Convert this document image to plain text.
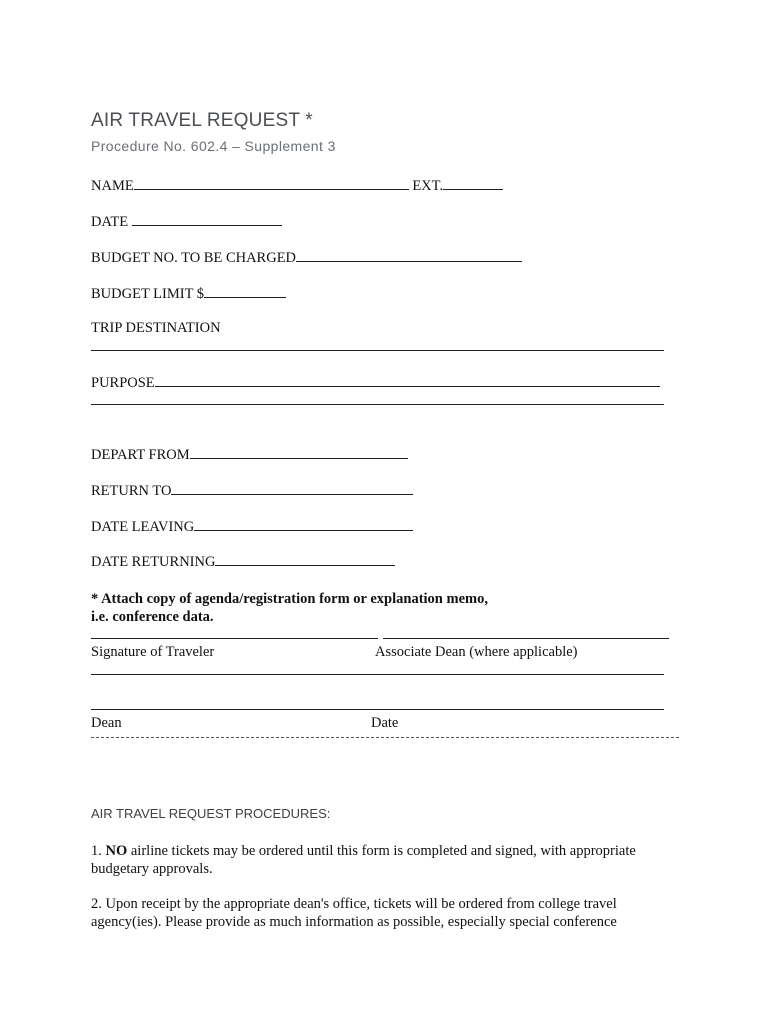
AIR TRAVEL REQUEST *
Procedure No. 602.4 – Supplement 3
NAME	EXT.
DATE
BUDGET NO. TO BE CHARGED
BUDGET LIMIT $
TRIP DESTINATION
PURPOSE
DEPART FROM
RETURN TO
DATE LEAVING
DATE RETURNING
* Attach copy of agenda/registration form or explanation memo,
i.e. conference data.
Signature of Traveler	Associate Dean (where applicable)
Dean	Date
AIR TRAVEL REQUEST PROCEDURES:
1. NO airline tickets may be ordered until this form is completed and signed, with appropriate budgetary approvals.
2. Upon receipt by the appropriate dean's office, tickets will be ordered from college travel agency(ies). Please provide as much information as possible, especially special conference
